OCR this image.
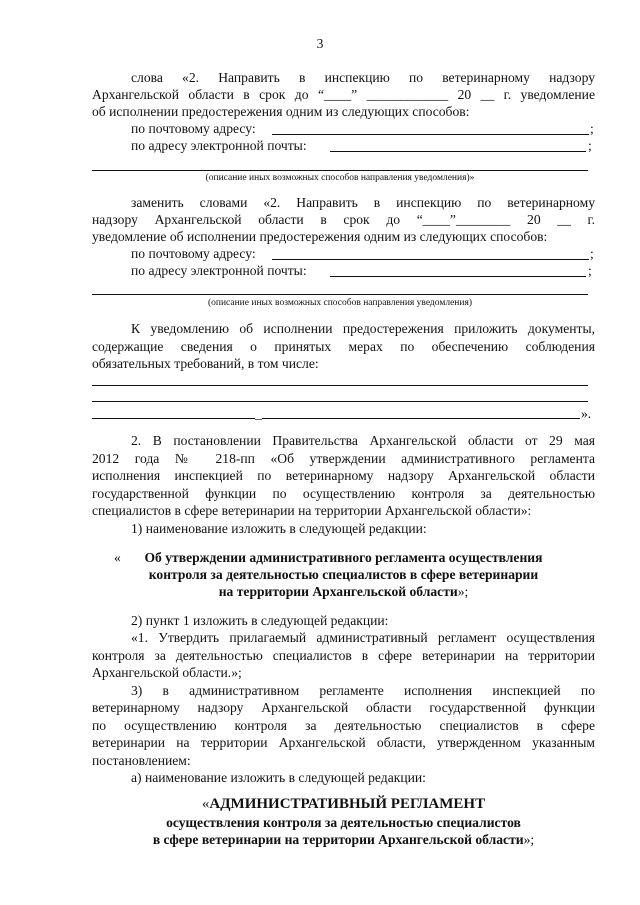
3
слова «2. Направить в инспекцию по ветеринарному надзору
Архангельской области в срок до “____” ____________ 20 __ г. уведомление
об исполнении предостережения одним из следующих способов:
по почтовому адресу:	;
по адресу электронной почты:	;
(описание иных возможных способов направления уведомления)»
заменить словами «2. Направить в инспекцию по ветеринарному
надзору Архангельской области в срок до “____”________ 20 __ г.
уведомление об исполнении предостережения одним из следующих способов:
по почтовому адресу:	;
по адресу электронной почты:	;
(описание иных возможных способов направления уведомления)
К уведомлению об исполнении предостережения приложить документы,
содержащие сведения о принятых мерах по обеспечению соблюдения
обязательных требований, в том числе:
_	».
2. В постановлении Правительства Архангельской области от 29 мая
2012 года № 218-пп «Об утверждении административного регламента
исполнения инспекцией по ветеринарному надзору Архангельской области
государственной функции по осуществлению контроля за деятельностью
специалистов в сфере ветеринарии на территории Архангельской области»:
1) наименование изложить в следующей редакции:
«	Об утверждении административного регламента осуществления
контроля за деятельностью специалистов в сфере ветеринарии
на территории Архангельской области»;
2) пункт 1 изложить в следующей редакции:
«1. Утвердить прилагаемый административный регламент осуществления
контроля за деятельностью специалистов в сфере ветеринарии на территории
Архангельской области.»;
3) в административном регламенте исполнения инспекцией по
ветеринарному надзору Архангельской области государственной функции
по осуществлению контроля за деятельностью специалистов в сфере
ветеринарии на территории Архангельской области, утвержденном указанным
постановлением:
а) наименование изложить в следующей редакции:
«АДМИНИСТРАТИВНЫЙ РЕГЛАМЕНТ
осуществления контроля за деятельностью специалистов
в сфере ветеринарии на территории Архангельской области»;
